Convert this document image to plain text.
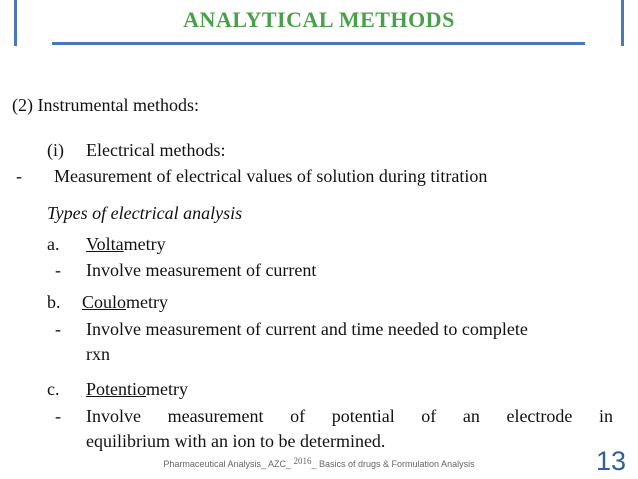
ANALYTICAL METHODS
(2) Instrumental methods:
(i) Electrical methods:
- Measurement of electrical values of solution during titration
Types of electrical analysis
a. Voltametry
- Involve measurement of current
b. Coulometry
- Involve measurement of current and time needed to complete
rxn
c. Potentiometry
- Involve measurement of potential of an electrode in
equilibrium with an ion to be determined.
Pharmaceutical Analysis_ AZC_ 2016_ Basics of drugs & Formulation Analysis	13
